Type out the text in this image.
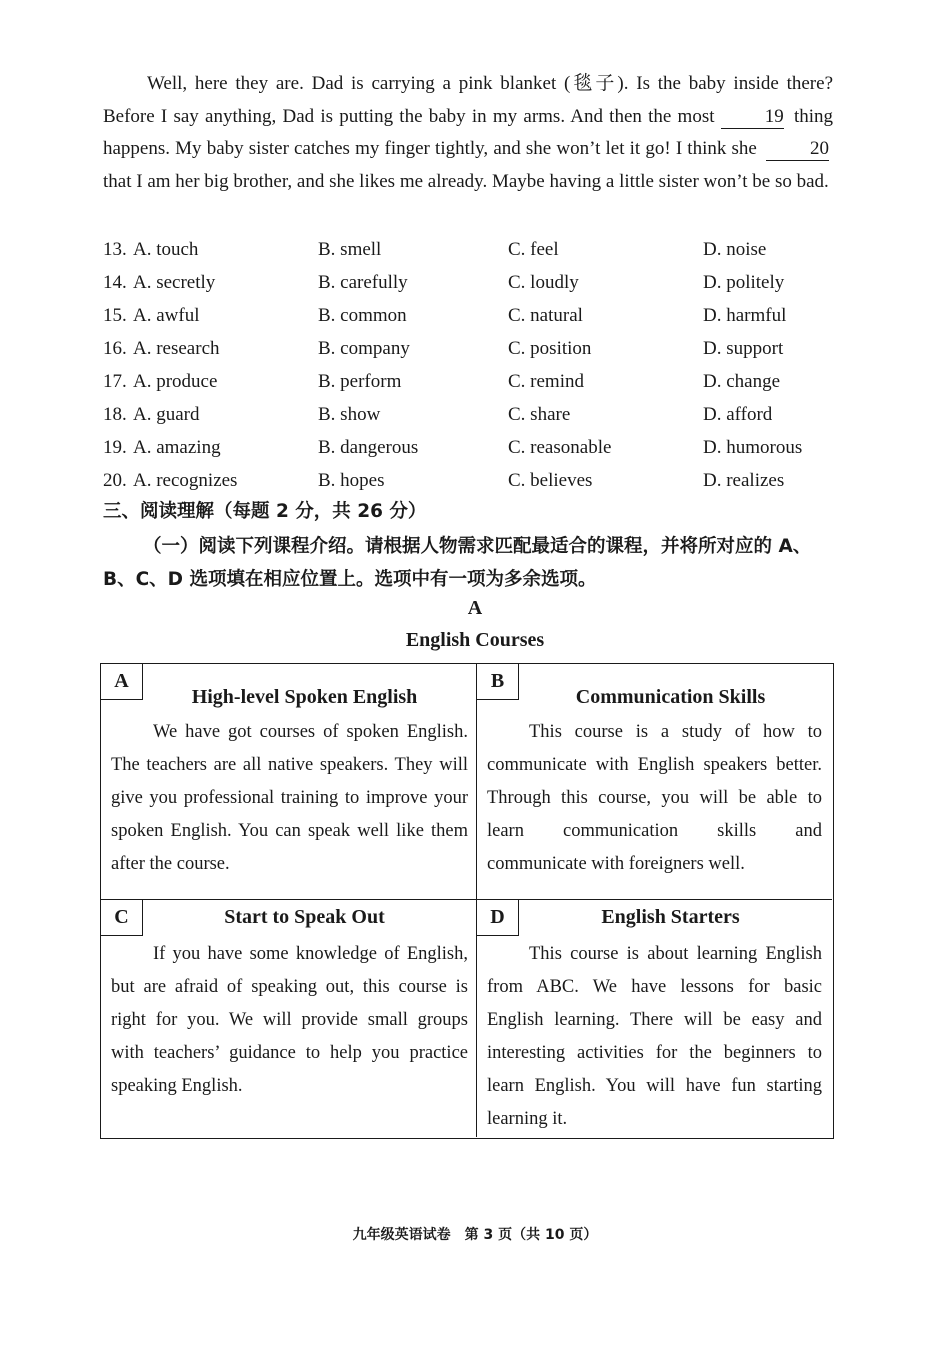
Well, here they are. Dad is carrying a pink blanket (毯子). Is the baby inside there? Before I say anything, Dad is putting the baby in my arms. And then the most	19 thing happens. My baby sister catches my finger tightly, and she won’t let it go! I think she	20 that I am her big brother, and she likes me already. Maybe having a little sister won’t be so bad.

13. A. touch	B. smell	C. feel	D. noise
14. A. secretly	B. carefully	C. loudly	D. politely
15. A. awful	B. common	C. natural	D. harmful
16. A. research	B. company	C. position	D. support
17. A. produce	B. perform	C. remind	D. change
18. A. guard	B. show	C. share	D. afford
19. A. amazing	B. dangerous	C. reasonable	D. humorous
20. A. recognizes	B. hopes	C. believes	D. realizes
三、阅读理解（每题 2 分，共 26 分）
（一）阅读下列课程介绍。请根据人物需求匹配最适合的课程，并将所对应的 A、B、C、D 选项填在相应位置上。选项中有一项为多余选项。
A
English Courses
A
High-level Spoken English

We have got courses of spoken English. The teachers are all native speakers. They will give you professional training to improve your spoken English. You can speak well like them after the course.

B
Communication Skills

This course is a study of how to communicate with English speakers better. Through this course, you will be able to learn communication skills and communicate with foreigners well.

C	Start to Speak Out

If you have some knowledge of English, but are afraid of speaking out, this course is right for you. We will provide small groups with teachers’ guidance to help you practice speaking English.

D	English Starters

This course is about learning English from ABC. We have lessons for basic English learning. There will be easy and interesting activities for the beginners to learn English. You will have fun starting learning it.

九年级英语试卷　第 3 页（共 10 页）
